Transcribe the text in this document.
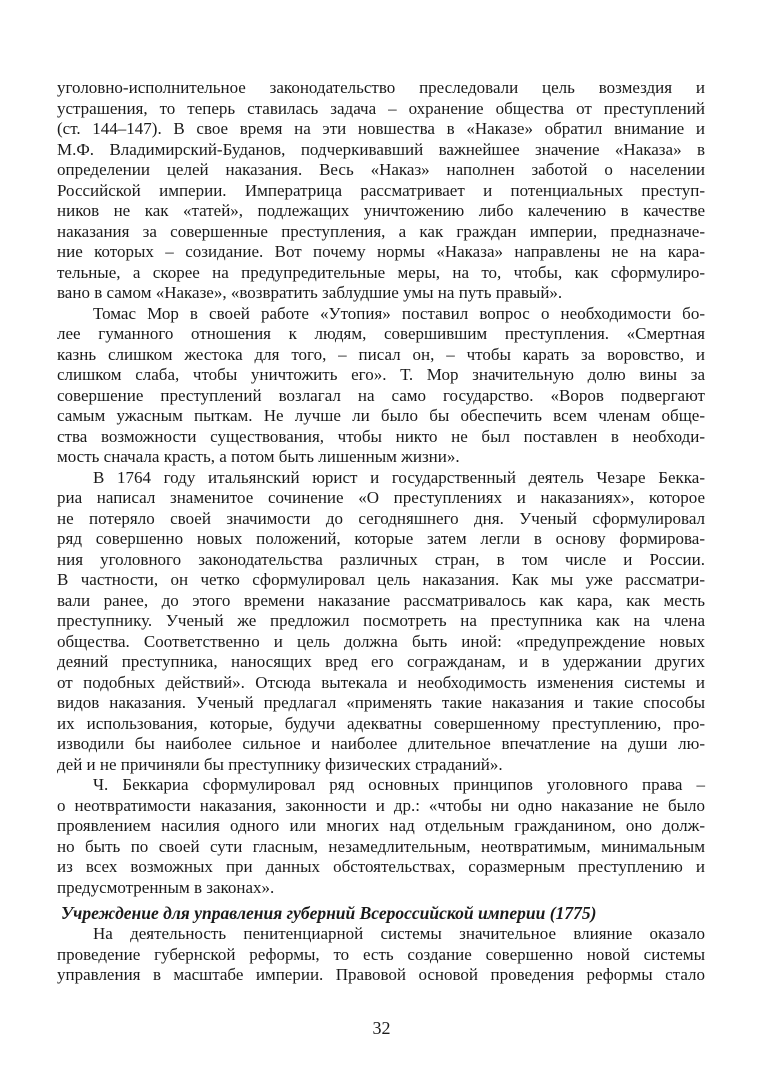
уголовно-исполнительное законодательство преследовали цель возмездия и
устрашения, то теперь ставилась задача – охранение общества от преступлений
(ст. 144–147). В свое время на эти новшества в «Наказе» обратил внимание и
М.Ф. Владимирский-Буданов, подчеркивавший важнейшее значение «Наказа» в
определении целей наказания. Весь «Наказ» наполнен заботой о населении
Российской империи. Императрица рассматривает и потенциальных преступ-
ников не как «татей», подлежащих уничтожению либо калечению в качестве
наказания за совершенные преступления, а как граждан империи, предназначе-
ние которых – созидание. Вот почему нормы «Наказа» направлены не на кара-
тельные, а скорее на предупредительные меры, на то, чтобы, как сформулиро-
вано в самом «Наказе», «возвратить заблудшие умы на путь правый».
Томас Мор в своей работе «Утопия» поставил вопрос о необходимости бо-
лее гуманного отношения к людям, совершившим преступления. «Смертная
казнь слишком жестока для того, – писал он, – чтобы карать за воровство, и
слишком слаба, чтобы уничтожить его». Т. Мор значительную долю вины за
совершение преступлений возлагал на само государство. «Воров подвергают
самым ужасным пыткам. Не лучше ли было бы обеспечить всем членам обще-
ства возможности существования, чтобы никто не был поставлен в необходи-
мость сначала красть, а потом быть лишенным жизни».
В 1764 году итальянский юрист и государственный деятель Чезаре Бекка-
риа написал знаменитое сочинение «О преступлениях и наказаниях», которое
не потеряло своей значимости до сегодняшнего дня. Ученый сформулировал
ряд совершенно новых положений, которые затем легли в основу формирова-
ния уголовного законодательства различных стран, в том числе и России.
В частности, он четко сформулировал цель наказания. Как мы уже рассматри-
вали ранее, до этого времени наказание рассматривалось как кара, как месть
преступнику. Ученый же предложил посмотреть на преступника как на члена
общества. Соответственно и цель должна быть иной: «предупреждение новых
деяний преступника, наносящих вред его согражданам, и в удержании других
от подобных действий». Отсюда вытекала и необходимость изменения системы и
видов наказания. Ученый предлагал «применять такие наказания и такие способы
их использования, которые, будучи адекватны совершенному преступлению, про-
изводили бы наиболее сильное и наиболее длительное впечатление на души лю-
дей и не причиняли бы преступнику физических страданий».
Ч. Беккариа сформулировал ряд основных принципов уголовного права –
о неотвратимости наказания, законности и др.: «чтобы ни одно наказание не было
проявлением насилия одного или многих над отдельным гражданином, оно долж-
но быть по своей сути гласным, незамедлительным, неотвратимым, минимальным
из всех возможных при данных обстоятельствах, соразмерным преступлению и
предусмотренным в законах».
Учреждение для управления губерний Всероссийской империи (1775)
На деятельность пенитенциарной системы значительное влияние оказало
проведение губернской реформы, то есть создание совершенно новой системы
управления в масштабе империи. Правовой основой проведения реформы стало
32
